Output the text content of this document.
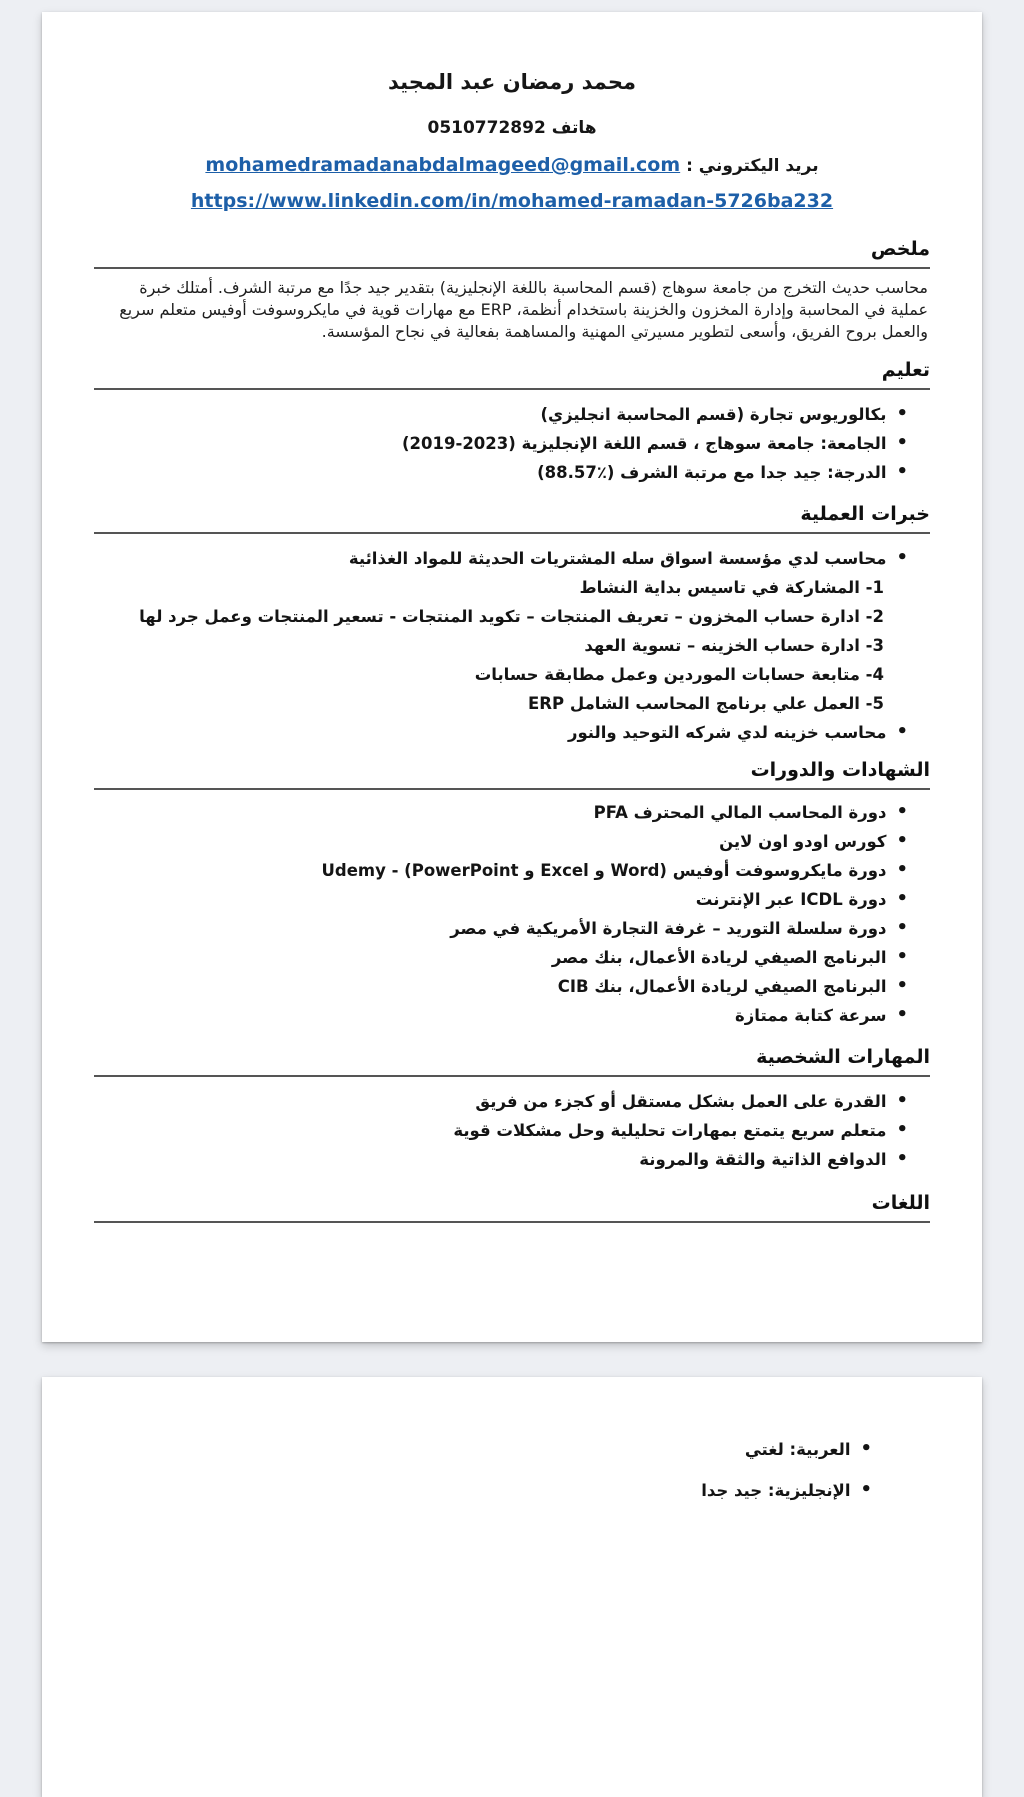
محمد رمضان عبد المجيد
هاتف 0510772892
بريد اليكتروني : mohamedramadanabdalmageed@gmail.com
https://www.linkedin.com/in/mohamed-ramadan-5726ba232
ملخص

محاسب حديث التخرج من جامعة سوهاج (قسم المحاسبة باللغة الإنجليزية) بتقدير جيد جدًا مع مرتبة الشرف. أمتلك خبرة عملية في المحاسبة وإدارة المخزون والخزينة باستخدام أنظمة، ERP مع مهارات قوية في مايكروسوفت أوفيس متعلم سريع والعمل بروح الفريق، وأسعى لتطوير مسيرتي المهنية والمساهمة بفعالية في نجاح المؤسسة.

تعليم
•
بكالوريوس تجارة (قسم المحاسبة انجليزي)
•
الجامعة: جامعة سوهاج ، قسم اللغة الإنجليزية (2023-2019)
•
الدرجة: جيد جدا مع مرتبة الشرف (٪88.57)
خبرات العملية
•
محاسب لدي مؤسسة اسواق سله المشتريات الحديثة للمواد الغذائية
1- المشاركة في تاسيس بداية النشاط
2- ادارة حساب المخزون – تعريف المنتجات – تكويد المنتجات - تسعير المنتجات وعمل جرد لها
3- ادارة حساب الخزينه – تسوية العهد
4- متابعة حسابات الموردين وعمل مطابقة حسابات
5- العمل علي برنامج المحاسب الشامل ERP
•
محاسب خزينه لدي شركه التوحيد والنور
الشهادات والدورات
•
دورة المحاسب المالي المحترف PFA
•
كورس اودو اون لاين
•
دورة مايكروسوفت أوفيس (Word و Excel و PowerPoint) - Udemy
•
دورة ICDL عبر الإنترنت
•
دورة سلسلة التوريد – غرفة التجارة الأمريكية في مصر
•
البرنامج الصيفي لريادة الأعمال، بنك مصر
•
البرنامج الصيفي لريادة الأعمال، بنك CIB
•
سرعة كتابة ممتازة
المهارات الشخصية
•
القدرة على العمل بشكل مستقل أو كجزء من فريق
•
متعلم سريع يتمتع بمهارات تحليلية وحل مشكلات قوية
•
الدوافع الذاتية والثقة والمرونة
اللغات
•
العربية: لغتي
•
الإنجليزية: جيد جدا
